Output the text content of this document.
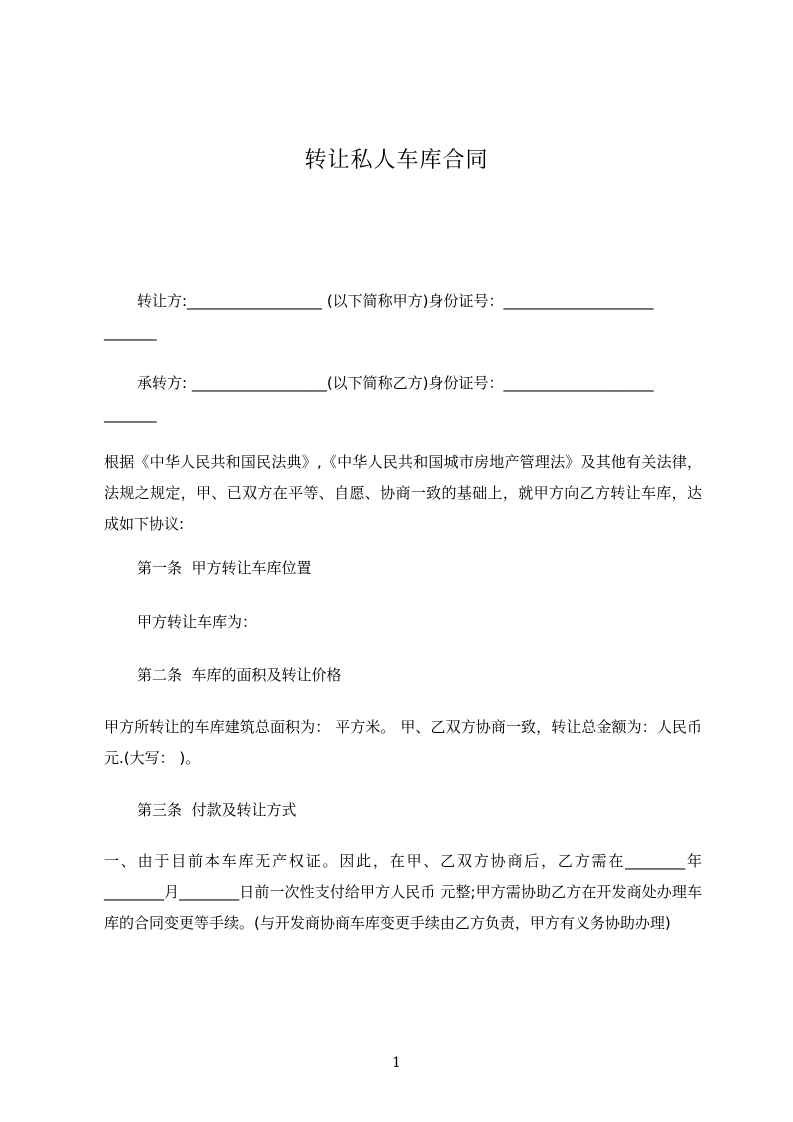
转让私人车库合同
转让方:__________________ (以下简称甲方)身份证号：____________________
_______
承转方: __________________(以下简称乙方)身份证号：____________________
_______
根据《中华人民共和国民法典》,《中华人民共和国城市房地产管理法》及其他有关法律，法规之规定，甲、已双方在平等、自愿、协商一致的基础上，就甲方向乙方转让车库，达成如下协议:
第一条  甲方转让车库位置
甲方转让车库为：
第二条  车库的面积及转让价格
甲方所转让的车库建筑总面积为： 平方米。 甲、乙双方协商一致，转让总金额为：人民币 元.(大写： )。
第三条  付款及转让方式
一、由于目前本车库无产权证。因此，在甲、乙双方协商后，乙方需在________年________月________日前一次性支付给甲方人民币 元整;甲方需协助乙方在开发商处办理车库的合同变更等手续。(与开发商协商车库变更手续由乙方负责，甲方有义务协助办理)
1
